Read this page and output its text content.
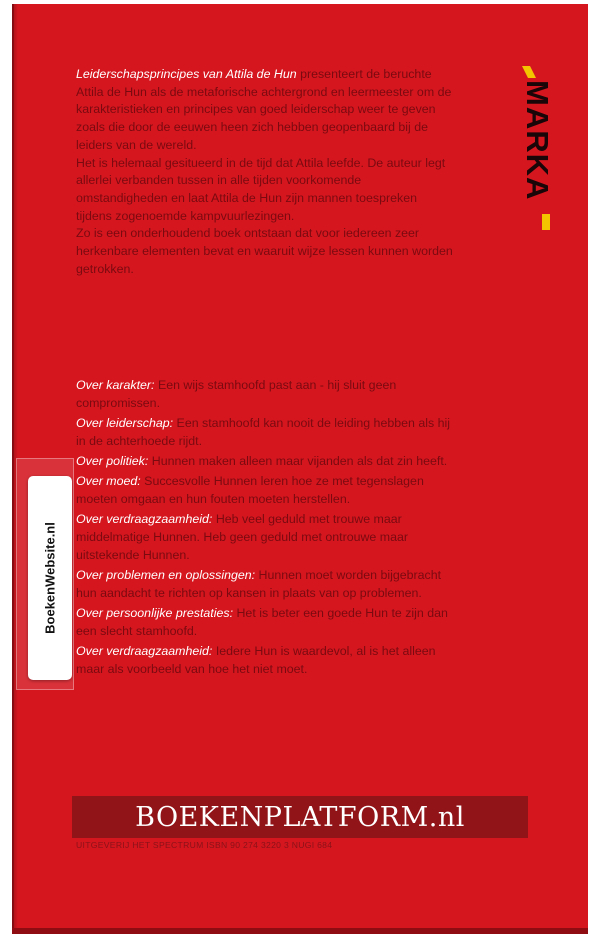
Leiderschapsprincipes van Attila de Hun presenteert de beruchte Attila de Hun als de metaforische achtergrond en leermeester om de karakteristieken en principes van goed leiderschap weer te geven zoals die door de eeuwen heen zich hebben geopenbaard bij de leiders van de wereld.

Het is helemaal gesitueerd in de tijd dat Attila leefde. De auteur legt allerlei verbanden tussen in alle tijden voorkomende omstandigheden en laat Attila de Hun zijn mannen toespreken tijdens zogenoemde kampvuurlezingen.

Zo is een onderhoudend boek ontstaan dat voor iedereen zeer herkenbare elementen bevat en waaruit wijze lessen kunnen worden getrokken.

Over karakter: Een wijs stamhoofd past aan - hij sluit geen compromissen.

Over leiderschap: Een stamhoofd kan nooit de leiding hebben als hij in de achterhoede rijdt.

Over politiek: Hunnen maken alleen maar vijanden als dat zin heeft.

Over moed: Succesvolle Hunnen leren hoe ze met tegenslagen moeten omgaan en hun fouten moeten herstellen.

Over verdraagzaamheid: Heb veel geduld met trouwe maar middelmatige Hunnen. Heb geen geduld met ontrouwe maar uitstekende Hunnen.

Over problemen en oplossingen: Hunnen moet worden bijgebracht hun aandacht te richten op kansen in plaats van op problemen.

Over persoonlijke prestaties: Het is beter een goede Hun te zijn dan een slecht stamhoofd.

Over verdraagzaamheid: Iedere Hun is waardevol, al is het alleen maar als voorbeeld van hoe het niet moet.

MARKA
BoekenWebsite.nl
BOEKENPLATFORM.nl
UITGEVERIJ HET SPECTRUM ISBN 90 274 3220 3 NUGI 684
